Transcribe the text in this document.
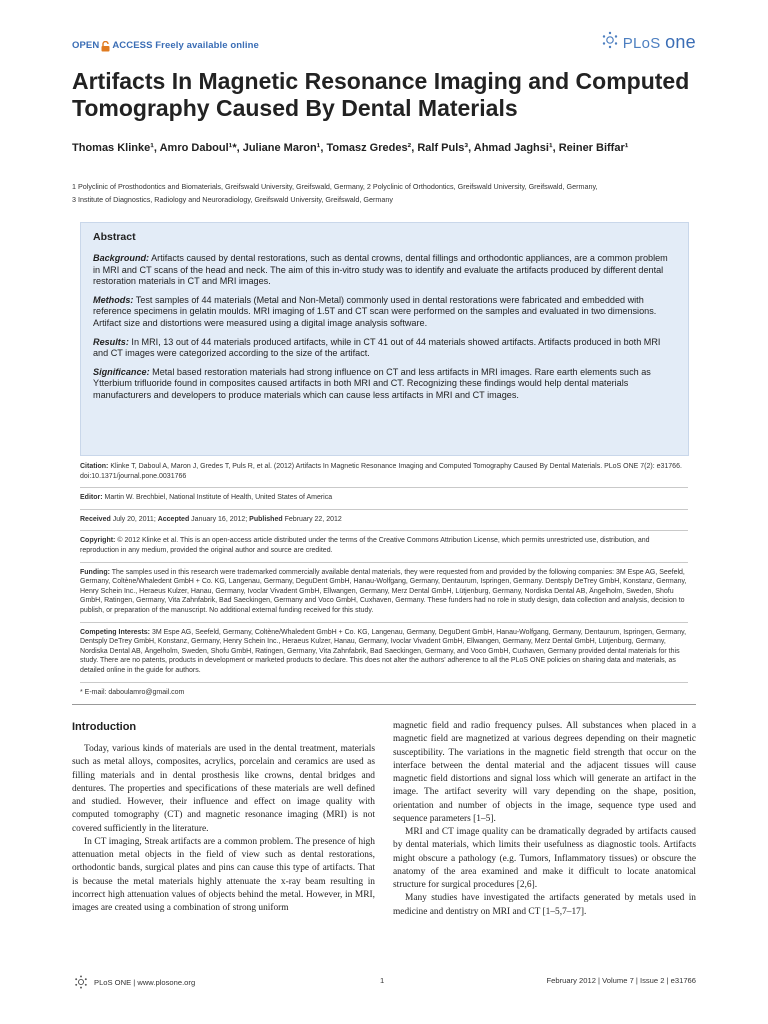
OPEN ACCESS Freely available online	PLoS one
Artifacts In Magnetic Resonance Imaging and Computed Tomography Caused By Dental Materials
Thomas Klinke¹, Amro Daboul¹*, Juliane Maron¹, Tomasz Gredes², Ralf Puls³, Ahmad Jaghsi¹, Reiner Biffar¹
1 Polyclinic of Prosthodontics and Biomaterials, Greifswald University, Greifswald, Germany, 2 Polyclinic of Orthodontics, Greifswald University, Greifswald, Germany,
3 Institute of Diagnostics, Radiology and Neuroradiology, Greifswald University, Greifswald, Germany
Abstract

Background: Artifacts caused by dental restorations, such as dental crowns, dental fillings and orthodontic appliances, are a common problem in MRI and CT scans of the head and neck. The aim of this in-vitro study was to identify and evaluate the artifacts produced by different dental restoration materials in CT and MRI images.

Methods: Test samples of 44 materials (Metal and Non-Metal) commonly used in dental restorations were fabricated and embedded with reference specimens in gelatin moulds. MRI imaging of 1.5T and CT scan were performed on the samples and evaluated in two dimensions. Artifact size and distortions were measured using a digital image analysis software.

Results: In MRI, 13 out of 44 materials produced artifacts, while in CT 41 out of 44 materials showed artifacts. Artifacts produced in both MRI and CT images were categorized according to the size of the artifact.

Significance: Metal based restoration materials had strong influence on CT and less artifacts in MRI images. Rare earth elements such as Ytterbium trifluoride found in composites caused artifacts in both MRI and CT. Recognizing these findings would help dental materials manufacturers and developers to produce materials which can cause less artifacts in MRI and CT images.

Citation: Klinke T, Daboul A, Maron J, Gredes T, Puls R, et al. (2012) Artifacts In Magnetic Resonance Imaging and Computed Tomography Caused By Dental Materials. PLoS ONE 7(2): e31766. doi:10.1371/journal.pone.0031766

Editor: Martin W. Brechbiel, National Institute of Health, United States of America

Received July 20, 2011; Accepted January 16, 2012; Published February 22, 2012

Copyright: © 2012 Klinke et al. This is an open-access article distributed under the terms of the Creative Commons Attribution License, which permits unrestricted use, distribution, and reproduction in any medium, provided the original author and source are credited.

Funding: The samples used in this research were trademarked commercially available dental materials, they were requested from and provided by the following companies: 3M Espe AG, Seefeld, Germany, Coltène/Whaledent GmbH + Co. KG, Langenau, Germany, DeguDent GmbH, Hanau-Wolfgang, Germany, Dentaurum, Ispringen, Germany. Dentsply DeTrey GmbH, Konstanz, Germany, Henry Schein Inc., Heraeus Kulzer, Hanau, Germany, Ivoclar Vivadent GmbH, Ellwangen, Germany, Merz Dental GmbH, Lütjenburg, Germany, Nordiska Dental AB, Ängelholm, Sweden, Shofu GmbH, Ratingen, Germany, Vita Zahnfabrik, Bad Saeckingen, Germany and Voco GmbH, Cuxhaven, Germany. These funders had no role in study design, data collection and analysis, decision to publish, or preparation of the manuscript. No additional external funding received for this study.

Competing Interests: 3M Espe AG, Seefeld, Germany, Coltène/Whaledent GmbH + Co. KG, Langenau, Germany, DeguDent GmbH, Hanau-Wolfgang, Germany, Dentaurum, Ispringen, Germany, Dentsply DeTrey GmbH, Konstanz, Germany, Henry Schein Inc., Heraeus Kulzer, Hanau, Germany, Ivoclar Vivadent GmbH, Ellwangen, Germany, Merz Dental GmbH, Lütjenburg, Germany, Nordiska Dental AB, Ängelholm, Sweden, Shofu GmbH, Ratingen, Germany, Vita Zahnfabrik, Bad Saeckingen, Germany, and Voco GmbH, Cuxhaven, Germany provided dental materials for this study. There are no patents, products in development or marketed products to declare. This does not alter the authors' adherence to all the PLoS ONE policies on sharing data and materials, as detailed online in the guide for authors.

* E-mail: daboulamro@gmail.com

Introduction

Today, various kinds of materials are used in the dental treatment, materials such as metal alloys, composites, acrylics, porcelain and ceramics are used as filling materials and in dental prosthesis like crowns, dental bridges and dentures. The properties and specifications of these materials are well defined and studied. However, their influence and effect on image quality with computed tomography (CT) and magnetic resonance imaging (MRI) is not covered sufficiently in the literature.

In CT imaging, Streak artifacts are a common problem. The presence of high attenuation metal objects in the field of view such as dental restorations, orthodontic bands, surgical plates and pins can cause this type of artifacts. That is because the metal materials highly attenuate the x-ray beam resulting in incorrect high attenuation values of objects behind the metal. However, in MRI, images are created using a combination of strong uniform

magnetic field and radio frequency pulses. All substances when placed in a magnetic field are magnetized at various degrees depending on their magnetic susceptibility. The variations in the magnetic field strength that occur on the interface between the dental material and the adjacent tissues will cause magnetic field distortions and signal loss which will generate an artifact in the image. The artifact severity will vary depending on the shape, position, orientation and number of objects in the image, sequence type used and sequence parameters [1–5].

MRI and CT image quality can be dramatically degraded by artifacts caused by dental materials, which limits their usefulness as diagnostic tools. Artifacts might obscure a pathology (e.g. Tumors, Inflammatory tissues) or obscure the anatomy of the area examined and make it difficult to locate anatomical structure for surgical procedures [2,6].

Many studies have investigated the artifacts generated by metals used in medicine and dentistry on MRI and CT [1–5,7–17].

PLoS ONE | www.plosone.org	1	February 2012 | Volume 7 | Issue 2 | e31766
